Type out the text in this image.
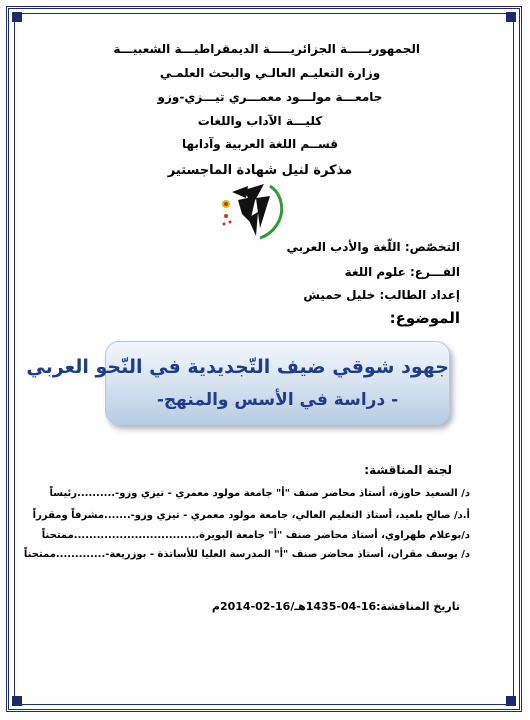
الجمهوريـــــة الجزائريـــــة الديمقراطيـــة الشعبيـــة
وزارة التعليـم العالـي والبحث العلمـي
جامعـــة مولـــود معمـــري تيـــزي-وزو
كليـــة الآداب واللغات
قســم اللغة العربية وآدابها
مذكرة لنيل شهادة الماجستير
التخصّص: اللّغة والأدب العربي
الفـــرع: علوم اللغة
إعداد الطالب: خليل حميش
الموضوع:
جهود شوقي ضيف التّجديدية في النّحو العربي
- دراسة في الأسس والمنهج-
لجنة المناقشة:
د/ السعيد حاوزة، أستاذ محاضر صنف "أ" جامعة مولود معمري - تيزي وزو-..........رئيساً
أ.د/ صالح بلعيد، أستاذ التعليم العالي، جامعة مولود معمري - تيزي وزو-.......مشرفاً ومقرراً
د/بوعلام طهراوي، أستاذ محاضر صنف "أ" جامعة البويرة.................................ممتحناً
د/ يوسف مقران، أستاذ محاضر صنف "أ" المدرسة العليا للأساتذة - بوزريعة-.............ممتحناً
تاريخ المناقشة:16-04-1435هـ/16-02-2014م
